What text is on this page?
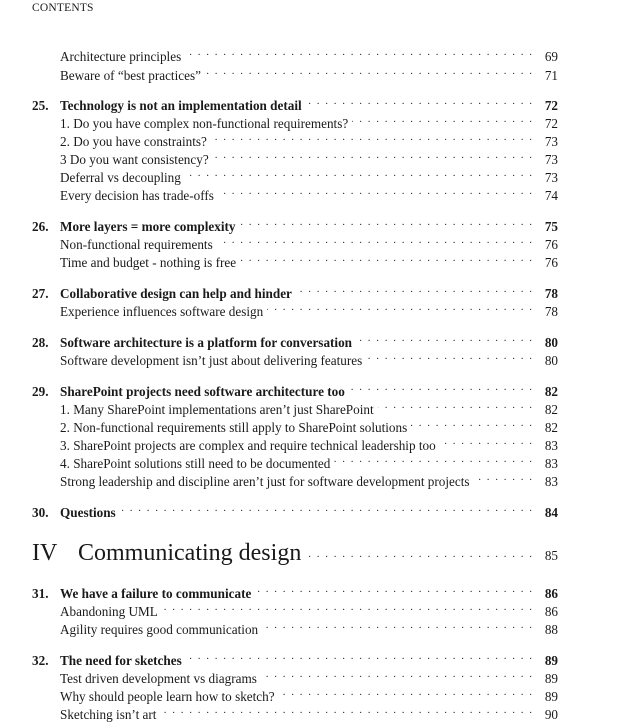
CONTENTS
Architecture principles . . .	69
Beware of “best practices” . . .	71
25. Technology is not an implementation detail . . .	72
1. Do you have complex non-functional requirements? . . .	72
2. Do you have constraints? . . .	73
3 Do you want consistency? . . .	73
Deferral vs decoupling . . .	73
Every decision has trade-offs . . .	74
26. More layers = more complexity . . .	75
Non-functional requirements . . .	76
Time and budget - nothing is free . . .	76
27. Collaborative design can help and hinder . . .	78
Experience influences software design . . .	78
28. Software architecture is a platform for conversation . . .	80
Software development isn’t just about delivering features . . .	80
29. SharePoint projects need software architecture too . . .	82
1. Many SharePoint implementations aren’t just SharePoint . . .	82
2. Non-functional requirements still apply to SharePoint solutions . . .	82
3. SharePoint projects are complex and require technical leadership too . . .	83
4. SharePoint solutions still need to be documented . . .	83
Strong leadership and discipline aren’t just for software development projects . . .	83
30. Questions . . .	84
IV Communicating design . . .	85
31. We have a failure to communicate . . .	86
Abandoning UML . . .	86
Agility requires good communication . . .	88
32. The need for sketches . . .	89
Test driven development vs diagrams . . .	89
Why should people learn how to sketch? . . .	89
Sketching isn’t art . . .	90
